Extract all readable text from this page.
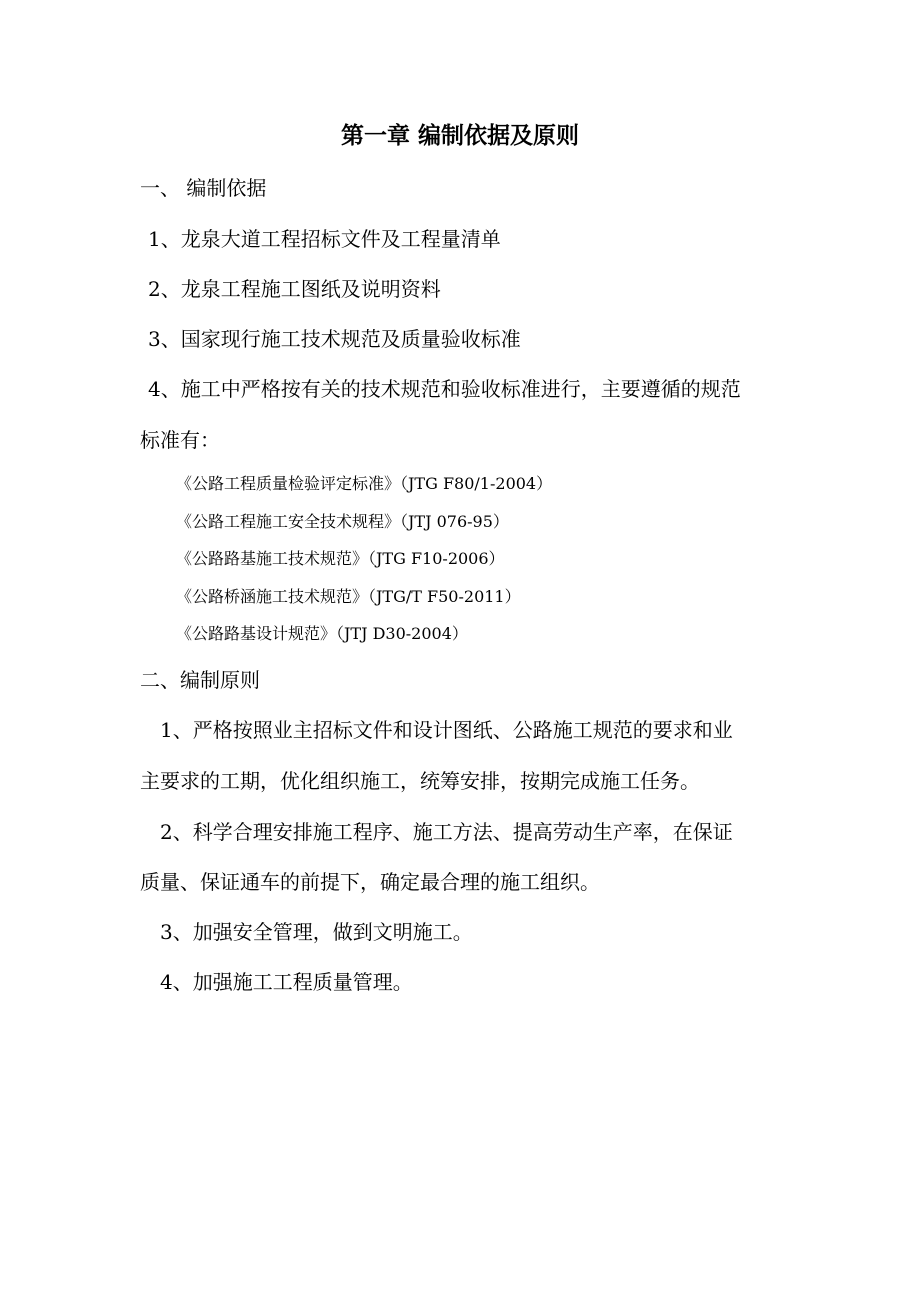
第一章 编制依据及原则
一、 编制依据
1、龙泉大道工程招标文件及工程量清单
2、龙泉工程施工图纸及说明资料
3、国家现行施工技术规范及质量验收标准
4、施工中严格按有关的技术规范和验收标准进行，主要遵循的规范
标准有：
《公路工程质量检验评定标准》（JTG F80/1-2004）
《公路工程施工安全技术规程》（JTJ 076-95）
《公路路基施工技术规范》（JTG F10-2006）
《公路桥涵施工技术规范》（JTG/T F50-2011）
《公路路基设计规范》（JTJ D30-2004）
二、编制原则
1、严格按照业主招标文件和设计图纸、公路施工规范的要求和业
主要求的工期，优化组织施工，统筹安排，按期完成施工任务。
2、科学合理安排施工程序、施工方法、提高劳动生产率，在保证
质量、保证通车的前提下，确定最合理的施工组织。
3、加强安全管理，做到文明施工。
4、加强施工工程质量管理。
